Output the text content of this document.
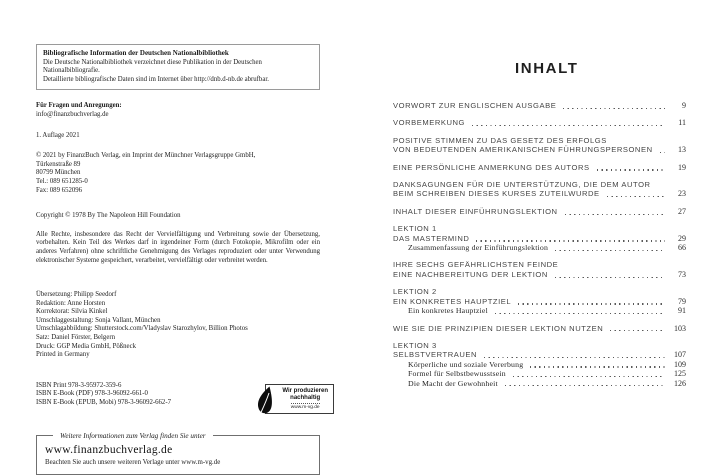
Bibliografische Information der Deutschen Nationalbibliothek
Die Deutsche Nationalbibliothek verzeichnet diese Publikation in der Deutschen Nationalbibliografie.
Detaillierte bibliografische Daten sind im Internet über http://dnb.d-nb.de abrufbar.
Für Fragen und Anregungen:
info@finanzbuchverlag.de
1. Auflage 2021
© 2021 by FinanzBuch Verlag, ein Imprint der Münchner Verlagsgruppe GmbH,
Türkenstraße 89
80799 München
Tel.: 089 651285-0
Fax: 089 652096
Copyright © 1978 By The Napoleon Hill Foundation
Alle Rechte, insbesondere das Recht der Vervielfältigung und Verbreitung sowie der Übersetzung, vorbehalten. Kein Teil des Werkes darf in irgendeiner Form (durch Fotokopie, Mikrofilm oder ein anderes Verfahren) ohne schriftliche Genehmigung des Verlages reproduziert oder unter Verwendung elektronischer Systeme gespeichert, verarbeitet, vervielfältigt oder verbreitet werden.
Übersetzung: Philipp Seedorf
Redaktion: Anne Horsten
Korrektorat: Silvia Kinkel
Umschlaggestaltung: Sonja Vallant, München
Umschlagabbildung: Shutterstock.com/Vladyslav Starozhylov, Billion Photos
Satz: Daniel Förster, Belgern
Druck: GGP Media GmbH, Pößneck
Printed in Germany
ISBN Print 978-3-95972-359-6
ISBN E-Book (PDF) 978-3-96092-661-0
ISBN E-Book (EPUB, Mobi) 978-3-96092-662-7
Wir produzieren
nachhaltig
www.m-vg.de
Weitere Informationen zum Verlag finden Sie unter
www.finanzbuchverlag.de
Beachten Sie auch unsere weiteren Verlage unter www.m-vg.de
INHALT
VORWORT ZUR ENGLISCHEN AUSGABE	9
VORBEMERKUNG	11
POSITIVE STIMMEN ZU DAS GESETZ DES ERFOLGS
VON BEDEUTENDEN AMERIKANISCHEN FÜHRUNGSPERSONEN	13
EINE PERSÖNLICHE ANMERKUNG DES AUTORS	19
DANKSAGUNGEN FÜR DIE UNTERSTÜTZUNG, DIE DEM AUTOR
BEIM SCHREIBEN DIESES KURSES ZUTEILWURDE	23
INHALT DIESER EINFÜHRUNGSLEKTION	27
LEKTION 1
DAS MASTERMIND	29
Zusammenfassung der Einführungslektion	66
IHRE SECHS GEFÄHRLICHSTEN FEINDE
EINE NACHBEREITUNG DER LEKTION	73
LEKTION 2
EIN KONKRETES HAUPTZIEL	79
Ein konkretes Hauptziel	91
WIE SIE DIE PRINZIPIEN DIESER LEKTION NUTZEN	103
LEKTION 3
SELBSTVERTRAUEN	107
Körperliche und soziale Vererbung	109
Formel für Selbstbewusstsein	125
Die Macht der Gewohnheit	126
